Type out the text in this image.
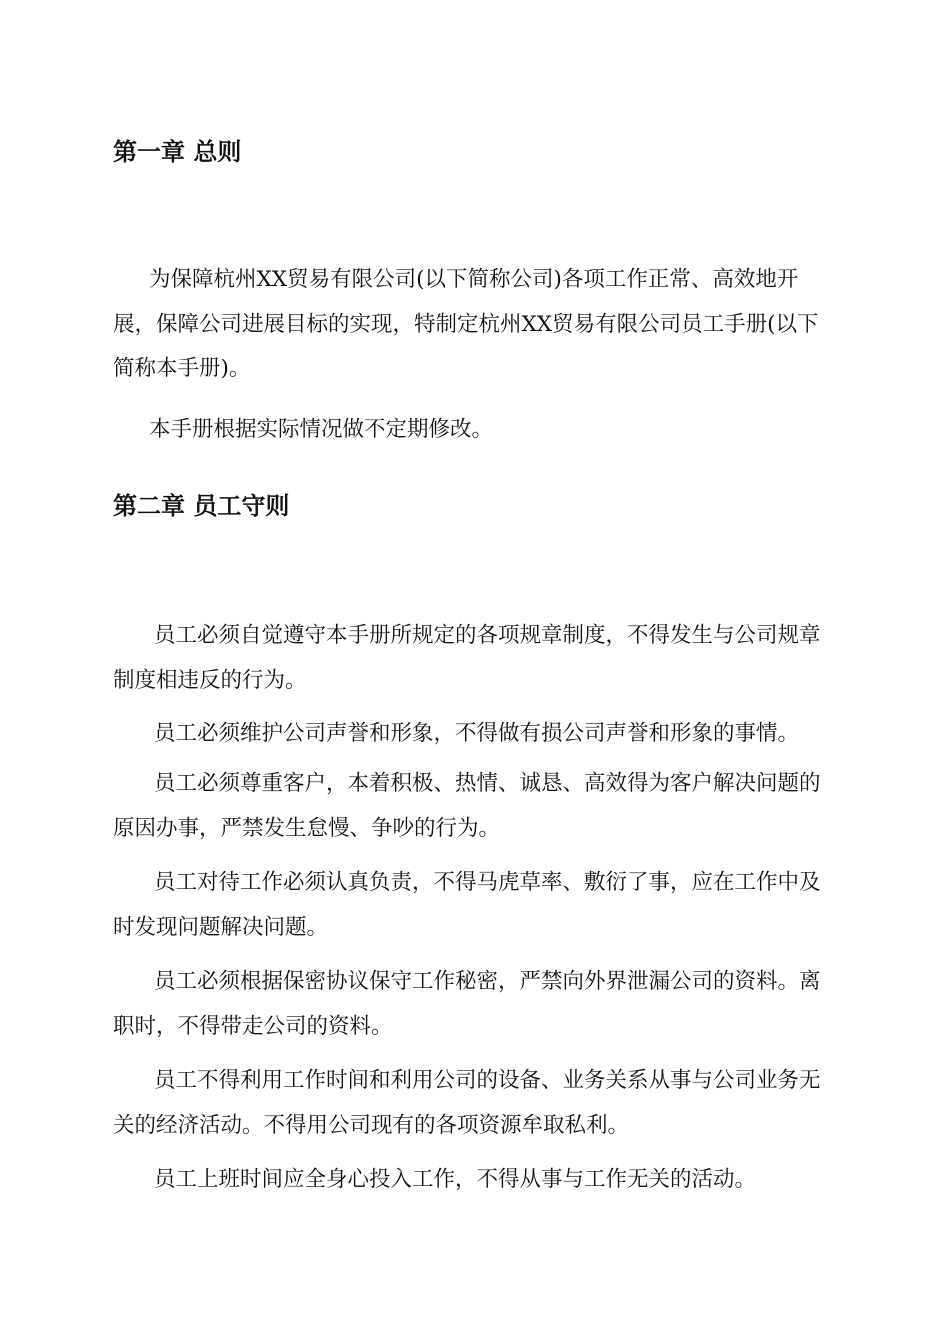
第一章 总则

为保障杭州XX贸易有限公司(以下简称公司)各项工作正常、高效地开展，保障公司进展目标的实现，特制定杭州XX贸易有限公司员工手册(以下简称本手册)。

本手册根据实际情况做不定期修改。

第二章 员工守则

员工必须自觉遵守本手册所规定的各项规章制度，不得发生与公司规章制度相违反的行为。

员工必须维护公司声誉和形象，不得做有损公司声誉和形象的事情。

员工必须尊重客户，本着积极、热情、诚恳、高效得为客户解决问题的原因办事，严禁发生怠慢、争吵的行为。

员工对待工作必须认真负责，不得马虎草率、敷衍了事，应在工作中及时发现问题解决问题。

员工必须根据保密协议保守工作秘密，严禁向外界泄漏公司的资料。离职时，不得带走公司的资料。

员工不得利用工作时间和利用公司的设备、业务关系从事与公司业务无关的经济活动。不得用公司现有的各项资源牟取私利。

员工上班时间应全身心投入工作，不得从事与工作无关的活动。
